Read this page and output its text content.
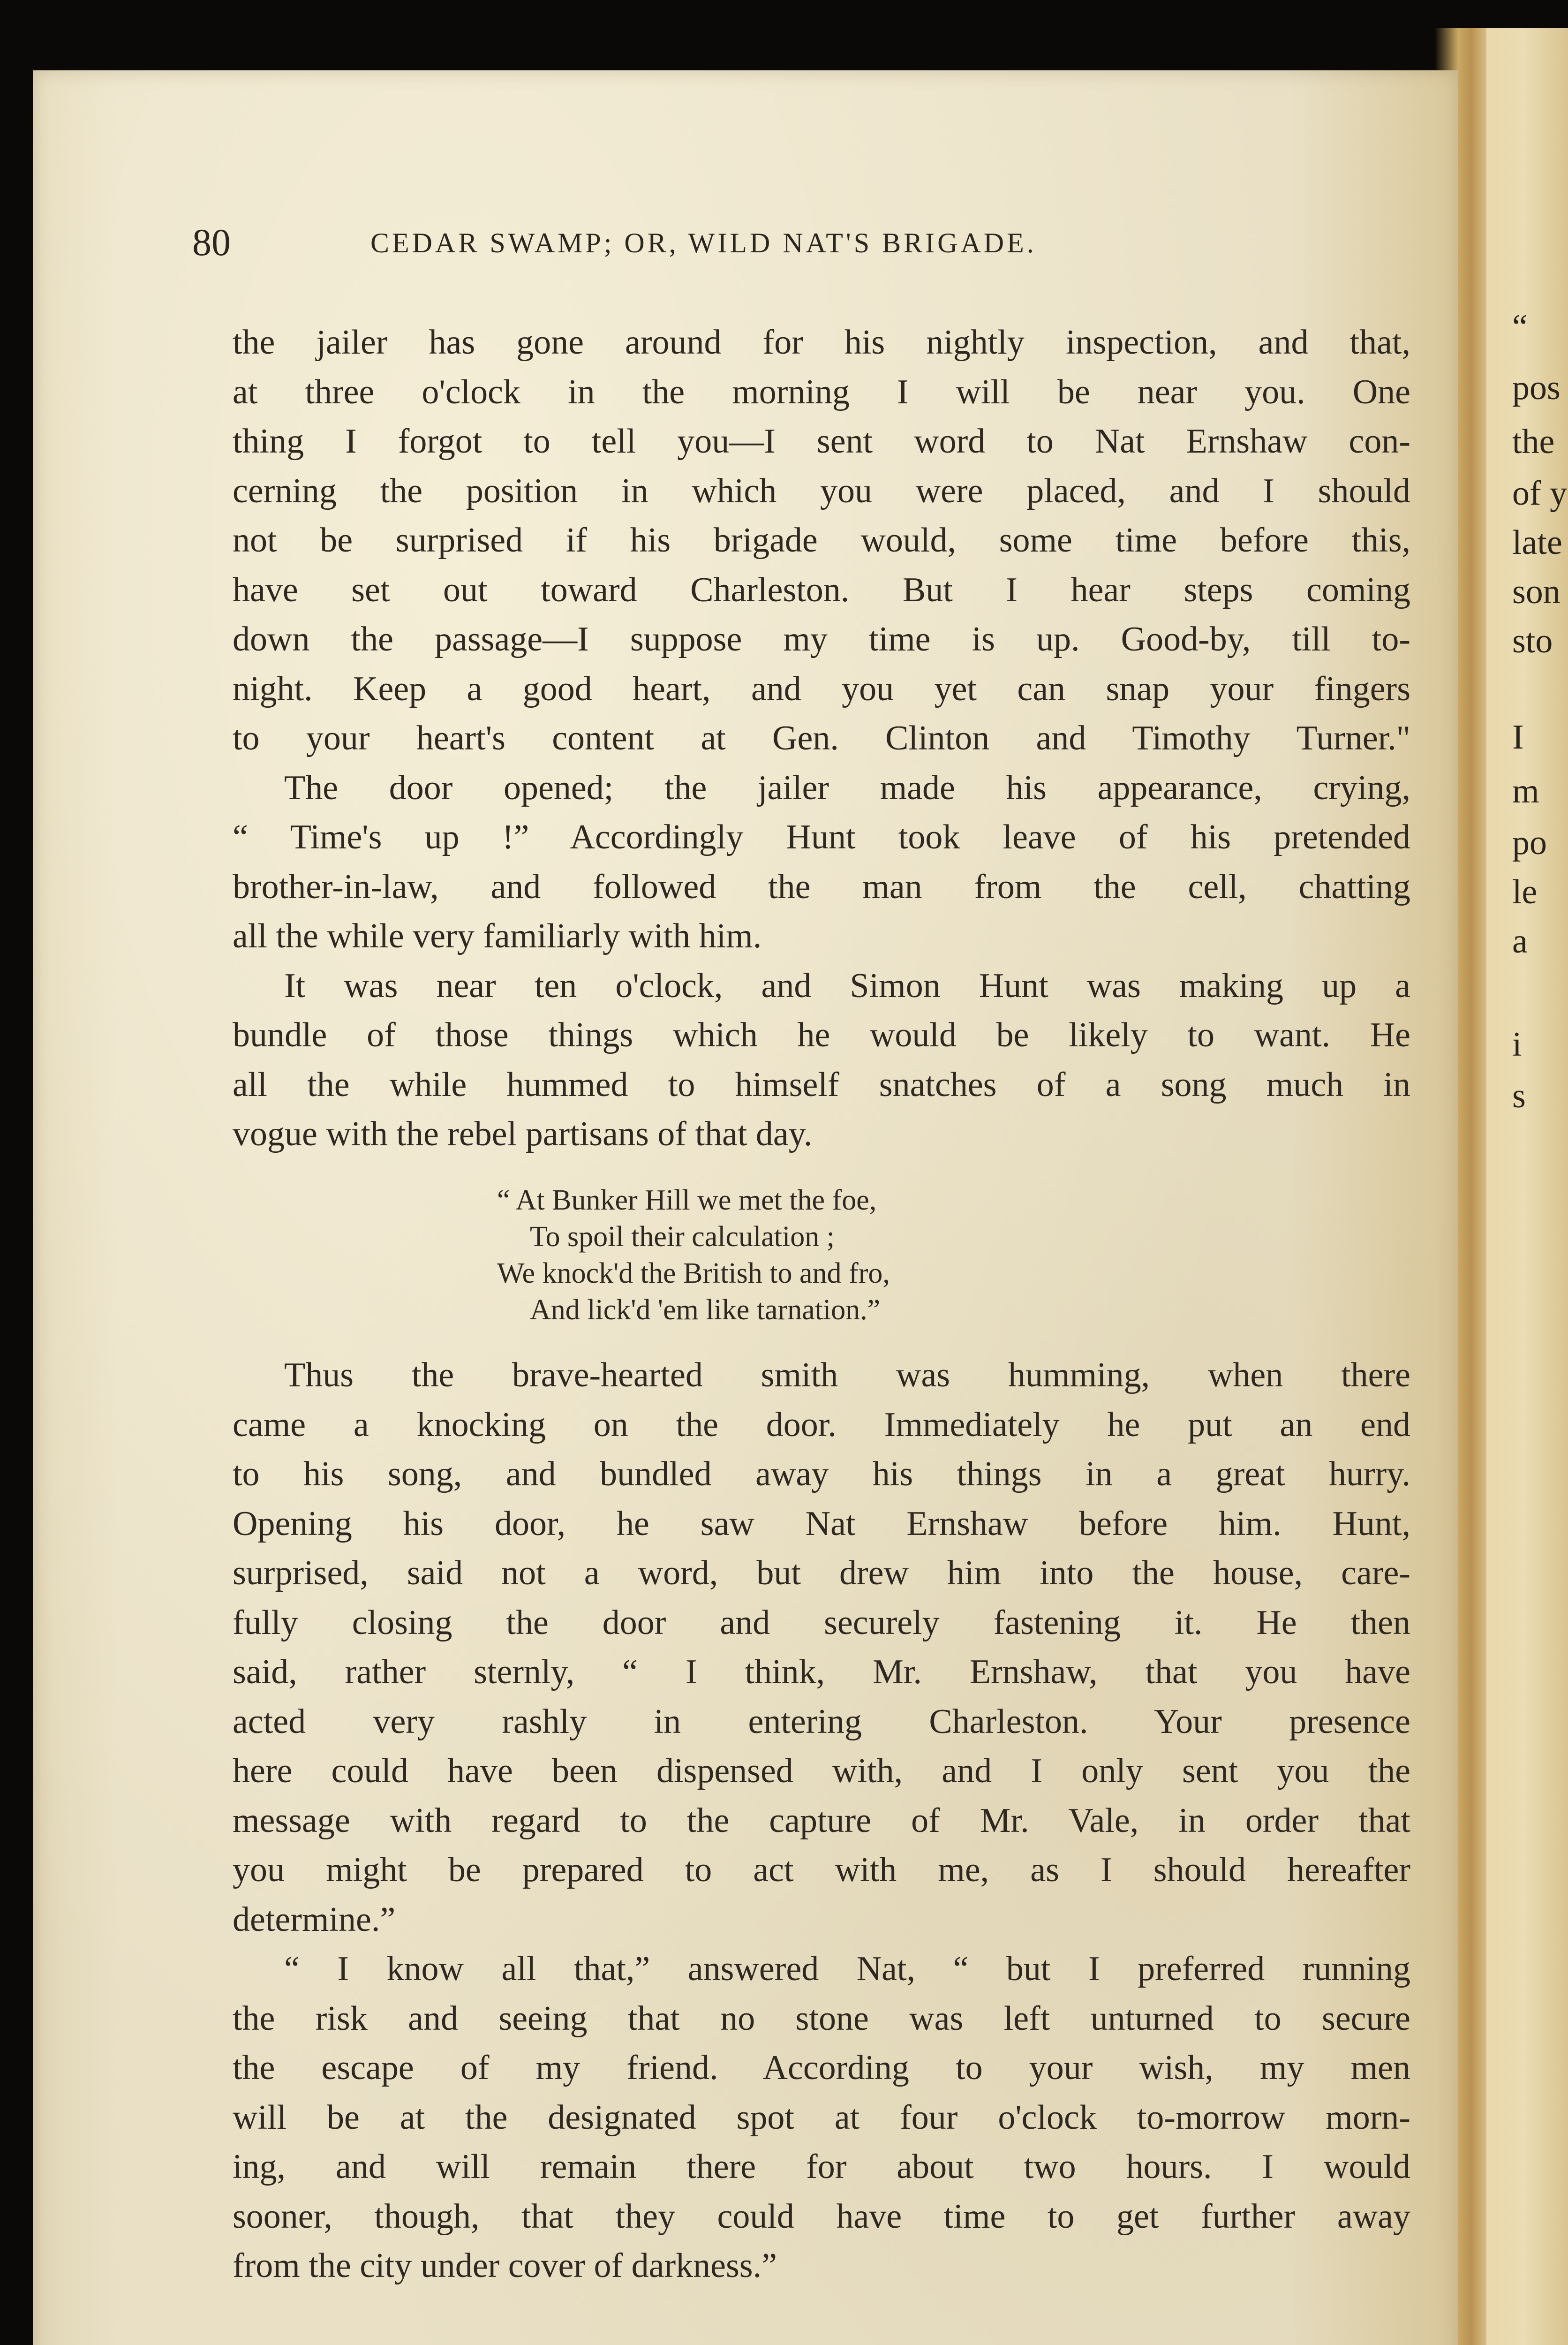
“
pos
the
of y
late
son
sto
I
m
po
le
a
i
s
80	CEDAR SWAMP; OR, WILD NAT'S BRIGADE.
the jailer has gone around for his nightly inspection, and that,
at three o'clock in the morning I will be near you. One
thing I forgot to tell you—I sent word to Nat Ernshaw con-
cerning the position in which you were placed, and I should
not be surprised if his brigade would, some time before this,
have set out toward Charleston. But I hear steps coming
down the passage—I suppose my time is up. Good-by, till to-
night. Keep a good heart, and you yet can snap your fingers
to your heart's content at Gen. Clinton and Timothy Turner."
The door opened; the jailer made his appearance, crying,
“ Time's up !” Accordingly Hunt took leave of his pretended
brother-in-law, and followed the man from the cell, chatting
all the while very familiarly with him.
It was near ten o'clock, and Simon Hunt was making up a
bundle of those things which he would be likely to want. He
all the while hummed to himself snatches of a song much in
vogue with the rebel partisans of that day.
“ At Bunker Hill we met the foe,
To spoil their calculation ;
We knock'd the British to and fro,
And lick'd 'em like tarnation.”
Thus the brave-hearted smith was humming, when there
came a knocking on the door. Immediately he put an end
to his song, and bundled away his things in a great hurry.
Opening his door, he saw Nat Ernshaw before him. Hunt,
surprised, said not a word, but drew him into the house, care-
fully closing the door and securely fastening it. He then
said, rather sternly, “ I think, Mr. Ernshaw, that you have
acted very rashly in entering Charleston. Your presence
here could have been dispensed with, and I only sent you the
message with regard to the capture of Mr. Vale, in order that
you might be prepared to act with me, as I should hereafter
determine.”
“ I know all that,” answered Nat, “ but I preferred running
the risk and seeing that no stone was left unturned to secure
the escape of my friend. According to your wish, my men
will be at the designated spot at four o'clock to-morrow morn-
ing, and will remain there for about two hours. I would
sooner, though, that they could have time to get further away
from the city under cover of darkness.”
